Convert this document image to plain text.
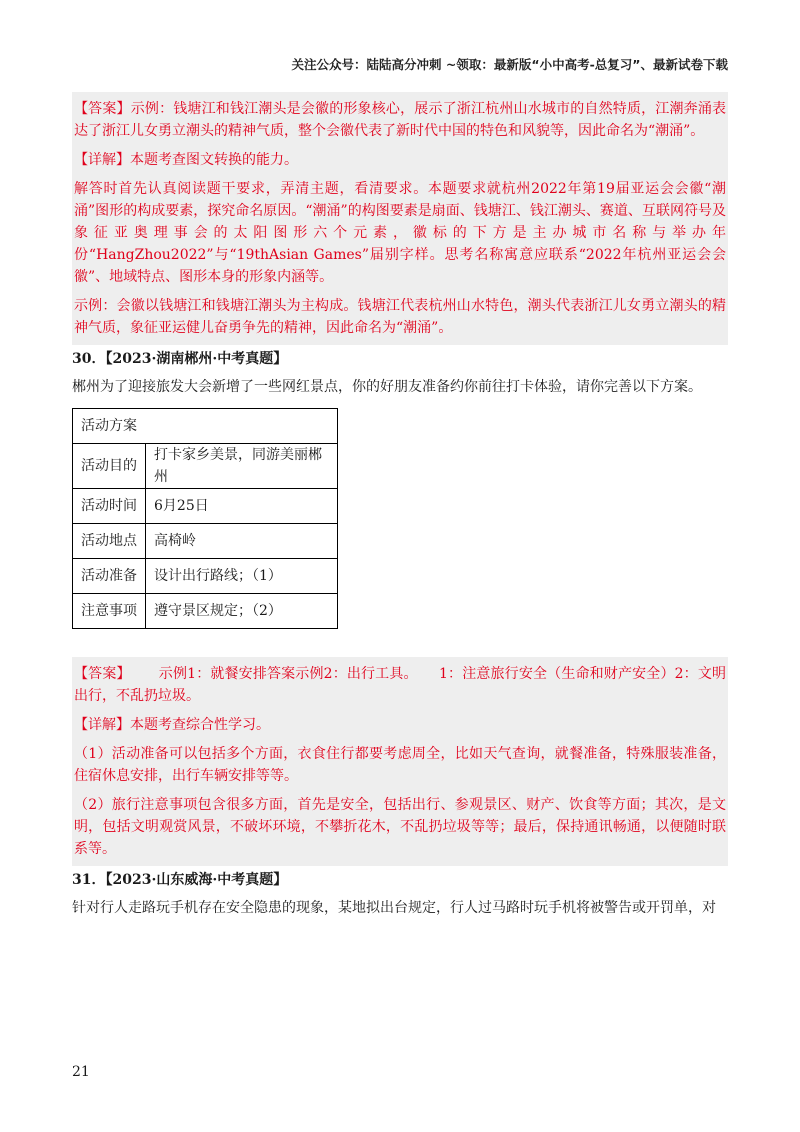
关注公众号：陆陆高分冲刺 ~领取：最新版“小中高考-总复习”、最新试卷下载

【答案】示例：钱塘江和钱江潮头是会徽的形象核心，展示了浙江杭州山水城市的自然特质，江潮奔涌表达了浙江儿女勇立潮头的精神气质，整个会徽代表了新时代中国的特色和风貌等，因此命名为“潮涌”。

【详解】本题考查图文转换的能力。

解答时首先认真阅读题干要求，弄清主题，看清要求。本题要求就杭州2022年第19届亚运会会徽“潮涌”图形的构成要素，探究命名原因。“潮涌”的构图要素是扇面、钱塘江、钱江潮头、赛道、互联网符号及象征亚奥理事会的太阳图形六个元素，徽标的下方是主办城市名称与举办年份“HangZhou2022”与“19thAsian Games”届别字样。思考名称寓意应联系“2022年杭州亚运会会徽”、地域特点、图形本身的形象内涵等。

示例：会徽以钱塘江和钱塘江潮头为主构成。钱塘江代表杭州山水特色，潮头代表浙江儿女勇立潮头的精神气质，象征亚运健儿奋勇争先的精神，因此命名为“潮涌”。

30．【2023·湖南郴州·中考真题】
郴州为了迎接旅发大会新增了一些网红景点，你的好朋友准备约你前往打卡体验，请你完善以下方案。
活动方案	
活动目的	打卡家乡美景，同游美丽郴州
活动时间	6月25日
活动地点	高椅岭
活动准备	设计出行路线；（1）
注意事项	遵守景区规定；（2）

【答案】 示例1：就餐安排答案示例2：出行工具。　　1：注意旅行安全（生命和财产安全）2：文明出行，不乱扔垃圾。

【详解】本题考查综合性学习。

（1）活动准备可以包括多个方面，衣食住行都要考虑周全，比如天气查询，就餐准备，特殊服装准备，住宿休息安排，出行车辆安排等等。

（2）旅行注意事项包含很多方面，首先是安全，包括出行、参观景区、财产、饮食等方面；其次，是文明，包括文明观赏风景，不破坏环境，不攀折花木，不乱扔垃圾等等；最后，保持通讯畅通，以便随时联系等。

31．【2023·山东威海·中考真题】
针对行人走路玩手机存在安全隐患的现象，某地拟出台规定，行人过马路时玩手机将被警告或开罚单，对
21
